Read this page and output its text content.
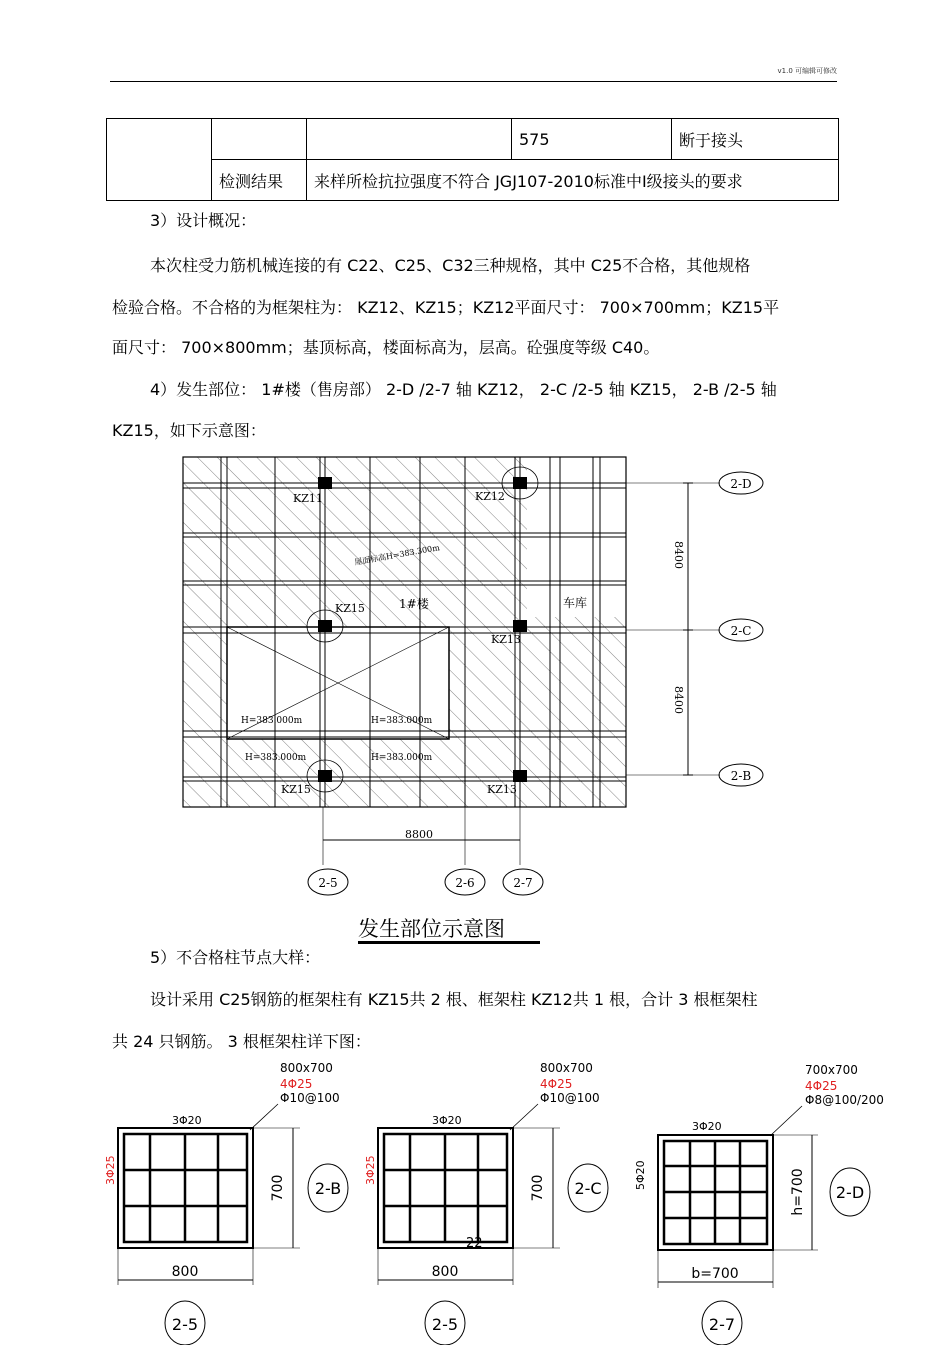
v1.0 可编辑可修改
			575	断于接头
	检测结果	来样所检抗拉强度不符合 JGJ107-2010标准中Ⅰ级接头的要求		
3）设计概况：
本次柱受力筋机械连接的有 C22、C25、C32三种规格，其中 C25不合格，其他规格
检验合格。不合格的为框架柱为： KZ12、KZ15；KZ12平面尺寸： 700×700mm；KZ15平
面尺寸： 700×800mm；基顶标高，楼面标高为，层高。砼强度等级 C40。
4）发生部位： 1#楼（售房部） 2-D /2-7 轴 KZ12， 2-C /2-5 轴 KZ15， 2-B /2-5 轴
KZ15，如下示意图：
8400
8400
2-D
2-C
2-B
8800
2-5	2-6	2-7
KZ11	KZ12
KZ15
KZ13
KZ15	KZ13
1#楼	车库
屋面标高H=383.300m
H=383.000m	H=383.000m
H=383.000m	H=383.000m
发生部位示意图
5）不合格柱节点大样：
设计采用 C25钢筋的框架柱有 KZ15共 2 根、框架柱 KZ12共 1 根，合计 3 根框架柱
共 24 只钢筋。 3 根框架柱详下图：
800x700
4Φ25
Φ10@100
3Φ20
3Φ25
700 2-B
800
2-5
800x700
4Φ25
Φ10@100
3Φ20
3Φ25
700 2-C
800
2-5
700x700
4Φ25
Φ8@100/200
3Φ20
5Φ20	h=700 2-D
b=700
2-7
22
